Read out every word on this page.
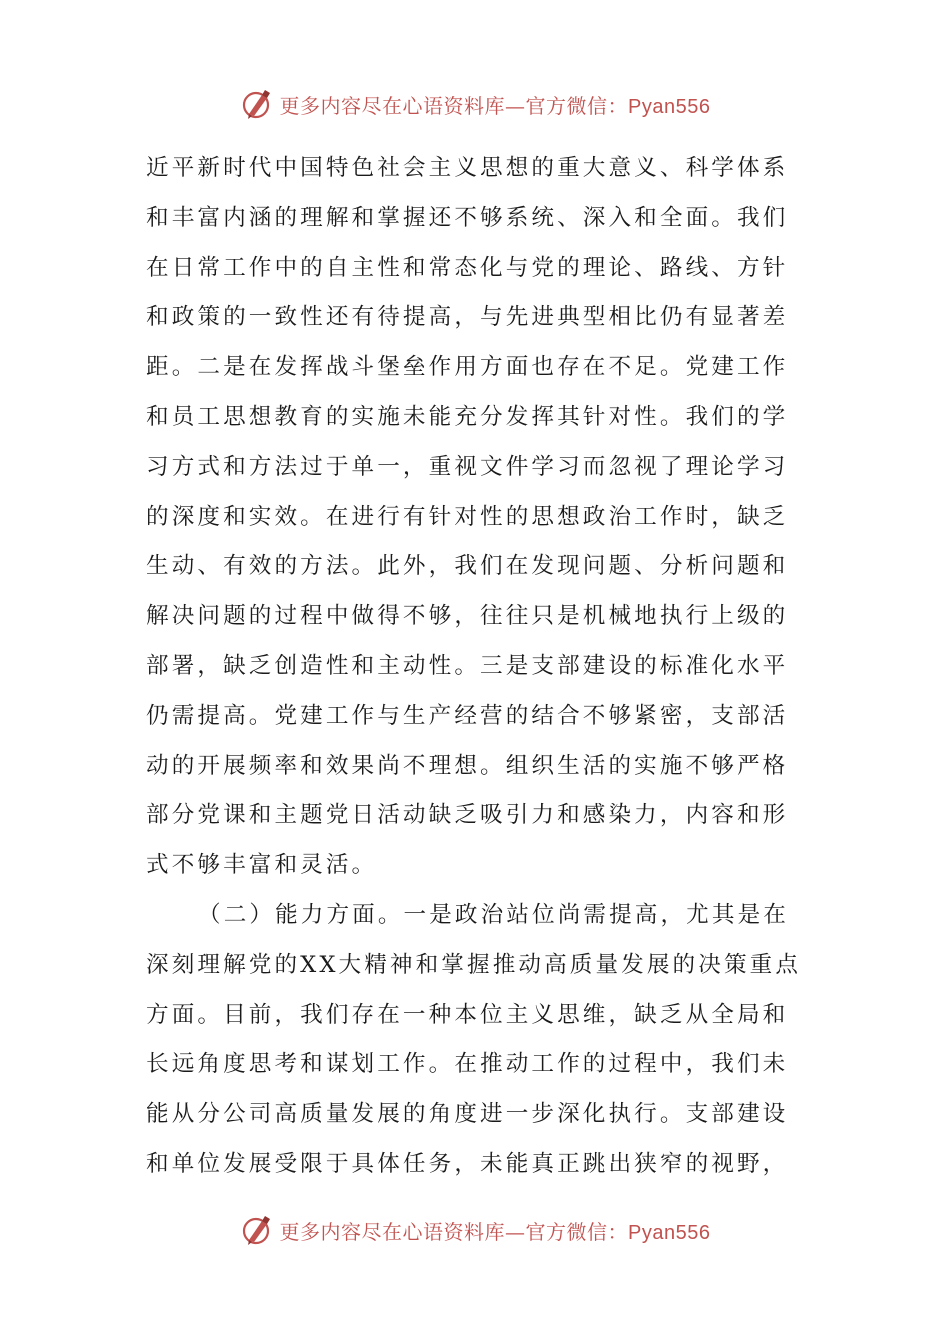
更多内容尽在心语资料库—官方微信：Pyan556
近平新时代中国特色社会主义思想的重大意义、科学体系
和丰富内涵的理解和掌握还不够系统、深入和全面。我们
在日常工作中的自主性和常态化与党的理论、路线、方针
和政策的一致性还有待提高，与先进典型相比仍有显著差
距。二是在发挥战斗堡垒作用方面也存在不足。党建工作
和员工思想教育的实施未能充分发挥其针对性。我们的学
习方式和方法过于单一，重视文件学习而忽视了理论学习
的深度和实效。在进行有针对性的思想政治工作时，缺乏
生动、有效的方法。此外，我们在发现问题、分析问题和
解决问题的过程中做得不够，往往只是机械地执行上级的
部署，缺乏创造性和主动性。三是支部建设的标准化水平
仍需提高。党建工作与生产经营的结合不够紧密，支部活
动的开展频率和效果尚不理想。组织生活的实施不够严格
部分党课和主题党日活动缺乏吸引力和感染力，内容和形
式不够丰富和灵活。
（二）能力方面。一是政治站位尚需提高，尤其是在
深刻理解党的XX大精神和掌握推动高质量发展的决策重点
方面。目前，我们存在一种本位主义思维，缺乏从全局和
长远角度思考和谋划工作。在推动工作的过程中，我们未
能从分公司高质量发展的角度进一步深化执行。支部建设
和单位发展受限于具体任务，未能真正跳出狭窄的视野，
更多内容尽在心语资料库—官方微信：Pyan556
